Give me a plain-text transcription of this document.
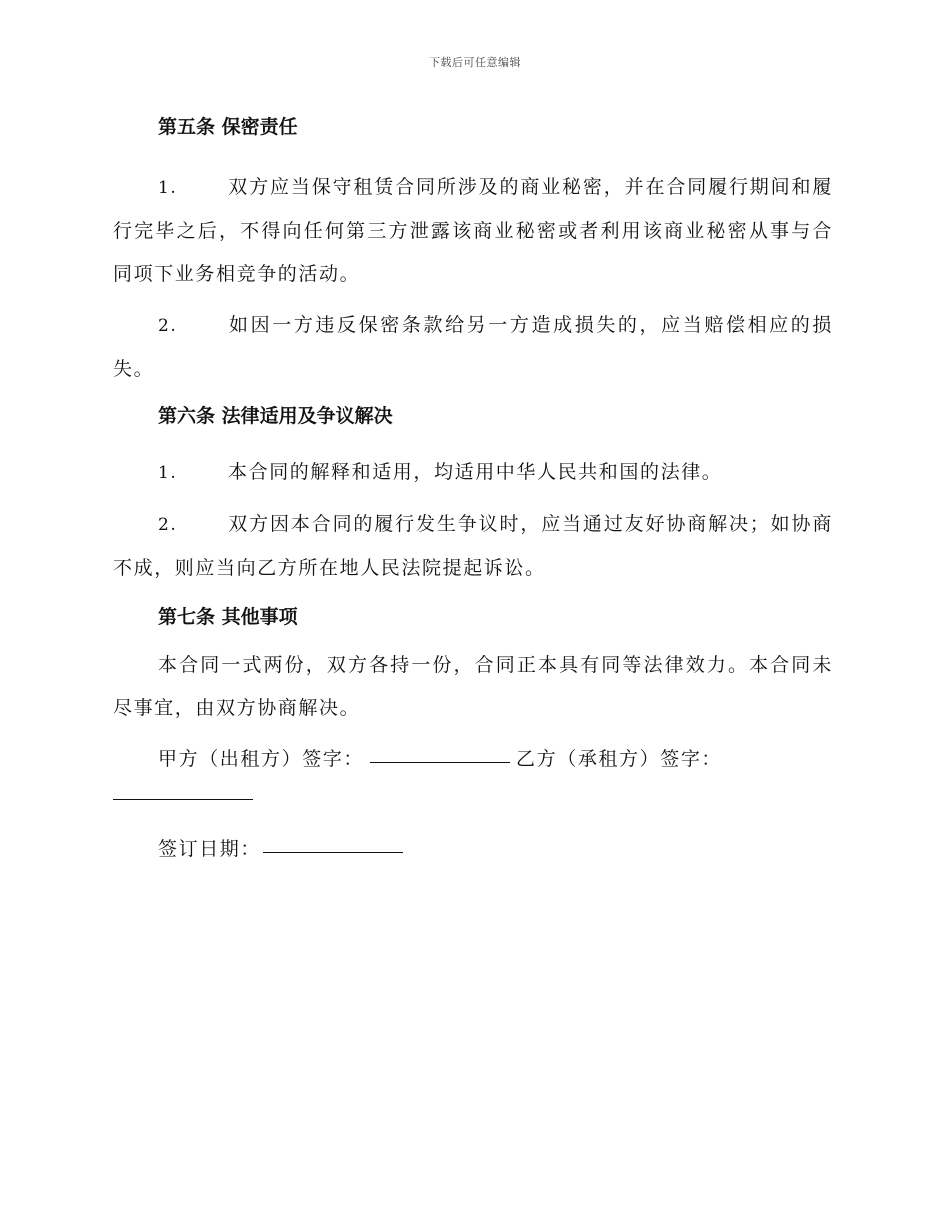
下载后可任意编辑
第五条 保密责任

1.	双方应当保守租赁合同所涉及的商业秘密，并在合同履行期间和履行完毕之后，不得向任何第三方泄露该商业秘密或者利用该商业秘密从事与合同项下业务相竞争的活动。

2.	如因一方违反保密条款给另一方造成损失的，应当赔偿相应的损失。

第六条 法律适用及争议解决

1.	本合同的解释和适用，均适用中华人民共和国的法律。

2.	双方因本合同的履行发生争议时，应当通过友好协商解决；如协商不成，则应当向乙方所在地人民法院提起诉讼。

第七条 其他事项

本合同一式两份，双方各持一份，合同正本具有同等法律效力。本合同未尽事宜，由双方协商解决。

甲方（出租方）签字：	乙方（承租方）签字：

签订日期：
